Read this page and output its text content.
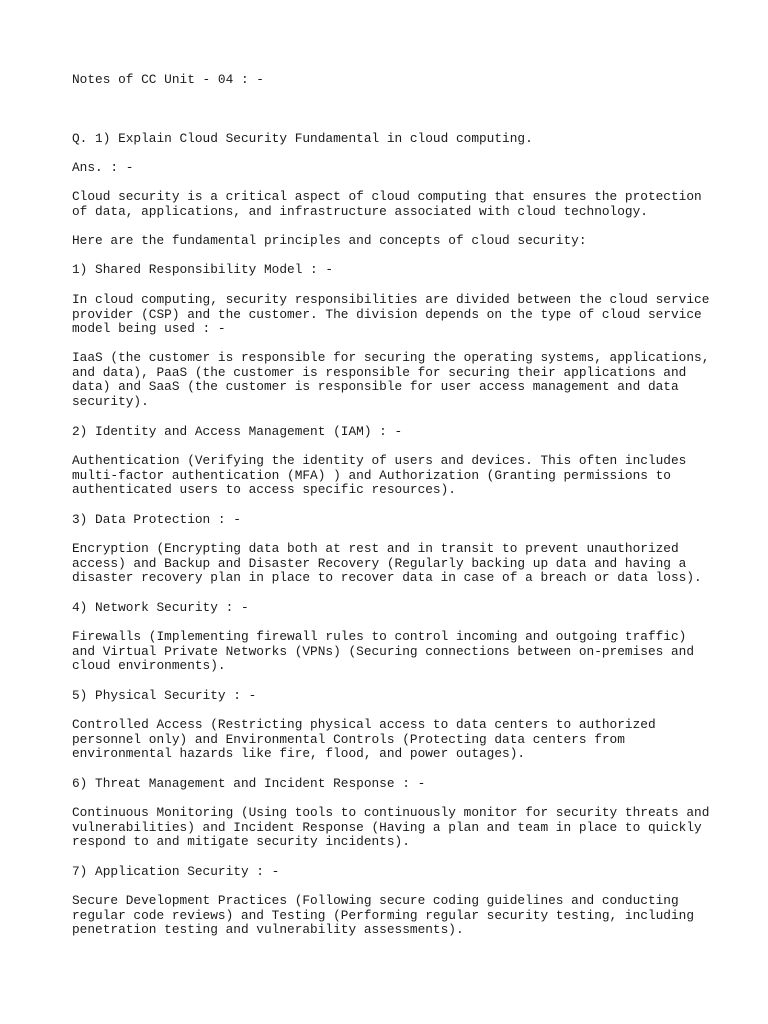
Notes of CC Unit - 04 : -

Q. 1) Explain Cloud Security Fundamental in cloud computing.

Ans. : -

Cloud security is a critical aspect of cloud computing that ensures the protection
of data, applications, and infrastructure associated with cloud technology.

Here are the fundamental principles and concepts of cloud security:

1) Shared Responsibility Model : -

In cloud computing, security responsibilities are divided between the cloud service
provider (CSP) and the customer. The division depends on the type of cloud service
model being used : -

IaaS (the customer is responsible for securing the operating systems, applications,
and data), PaaS (the customer is responsible for securing their applications and
data) and SaaS (the customer is responsible for user access management and data
security).

2) Identity and Access Management (IAM) : -

Authentication (Verifying the identity of users and devices. This often includes
multi-factor authentication (MFA) ) and Authorization (Granting permissions to
authenticated users to access specific resources).

3) Data Protection : -

Encryption (Encrypting data both at rest and in transit to prevent unauthorized
access) and Backup and Disaster Recovery (Regularly backing up data and having a
disaster recovery plan in place to recover data in case of a breach or data loss).

4) Network Security : -

Firewalls (Implementing firewall rules to control incoming and outgoing traffic)
and Virtual Private Networks (VPNs) (Securing connections between on-premises and
cloud environments).

5) Physical Security : -

Controlled Access (Restricting physical access to data centers to authorized
personnel only) and Environmental Controls (Protecting data centers from
environmental hazards like fire, flood, and power outages).

6) Threat Management and Incident Response : -

Continuous Monitoring (Using tools to continuously monitor for security threats and
vulnerabilities) and Incident Response (Having a plan and team in place to quickly
respond to and mitigate security incidents).

7) Application Security : -

Secure Development Practices (Following secure coding guidelines and conducting
regular code reviews) and Testing (Performing regular security testing, including
penetration testing and vulnerability assessments).
